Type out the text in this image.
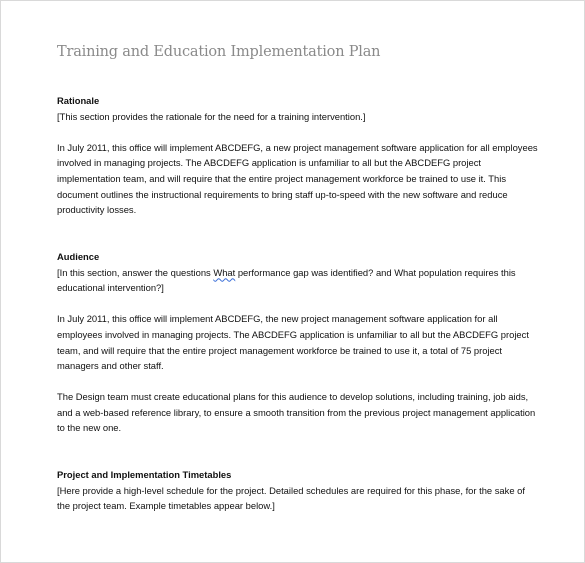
Training and Education Implementation Plan
Rationale

[This section provides the rationale for the need for a training intervention.]

In July 2011, this office will implement ABCDEFG, a new project management software application for all employees

involved in managing projects. The ABCDEFG application is unfamiliar to all but the ABCDEFG project

implementation team, and will require that the entire project management workforce be trained to use it. This

document outlines the instructional requirements to bring staff up-to-speed with the new software and reduce

productivity losses.

Audience

[In this section, answer the questions What performance gap was identified? and What population requires this

educational intervention?]

In July 2011, this office will implement ABCDEFG, the new project management software application for all

employees involved in managing projects. The ABCDEFG application is unfamiliar to all but the ABCDEFG project

team, and will require that the entire project management workforce be trained to use it, a total of 75 project

managers and other staff.

The Design team must create educational plans for this audience to develop solutions, including training, job aids,

and a web-based reference library, to ensure a smooth transition from the previous project management application

to the new one.

Project and Implementation Timetables

[Here provide a high-level schedule for the project. Detailed schedules are required for this phase, for the sake of

the project team. Example timetables appear below.]
